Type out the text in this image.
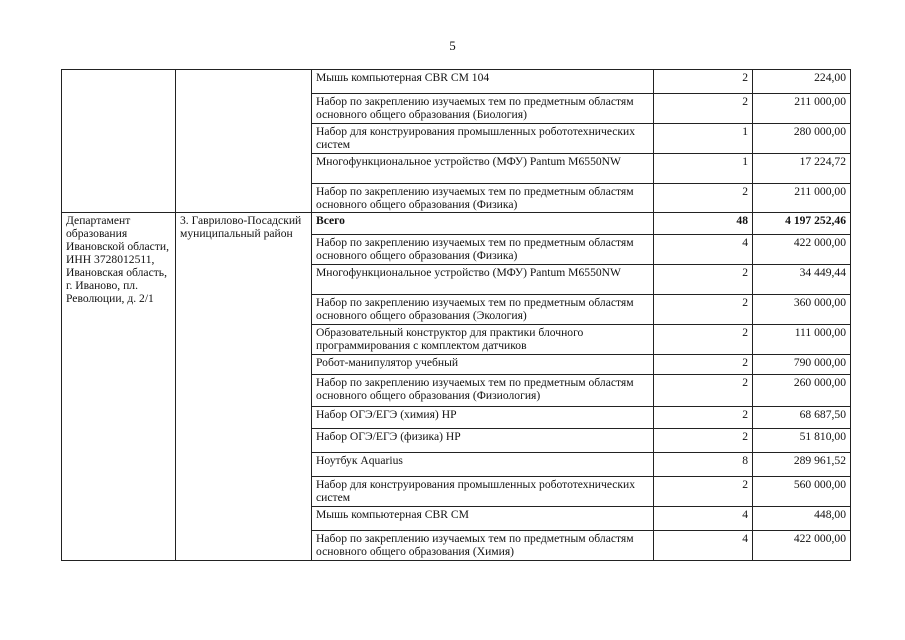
5
		Мышь компьютерная CBR CM 104	2	224,00
		Набор по закреплению изучаемых тем по предметным областям основного общего образования (Биология)	2	211 000,00
		Набор для конструирования промышленных робототехнических систем	1	280 000,00
		Многофункциональное устройство (МФУ) Pantum M6550NW	1	17 224,72
		Набор по закреплению изучаемых тем по предметным областям основного общего образования (Физика)	2	211 000,00
Департамент образования Ивановской области, ИНН 3728012511, Ивановская область, г. Иваново, пл. Революции, д. 2/1	3. Гаврилово-Посадский муниципальный район	Всего	48	4 197 252,46
		Набор по закреплению изучаемых тем по предметным областям основного общего образования (Физика)	4	422 000,00
		Многофункциональное устройство (МФУ) Pantum M6550NW	2	34 449,44
		Набор по закреплению изучаемых тем по предметным областям основного общего образования (Экология)	2	360 000,00
		Образовательный конструктор для практики блочного программирования с комплектом датчиков	2	111 000,00
		Робот-манипулятор учебный	2	790 000,00
		Набор по закреплению изучаемых тем по предметным областям основного общего образования (Физиология)	2	260 000,00
		Набор ОГЭ/ЕГЭ (химия) HP	2	68 687,50
		Набор ОГЭ/ЕГЭ (физика) HP	2	51 810,00
		Ноутбук Aquarius	8	289 961,52
		Набор для конструирования промышленных робототехнических систем	2	560 000,00
		Мышь компьютерная CBR CM	4	448,00
		Набор по закреплению изучаемых тем по предметным областям основного общего образования (Химия)	4	422 000,00
